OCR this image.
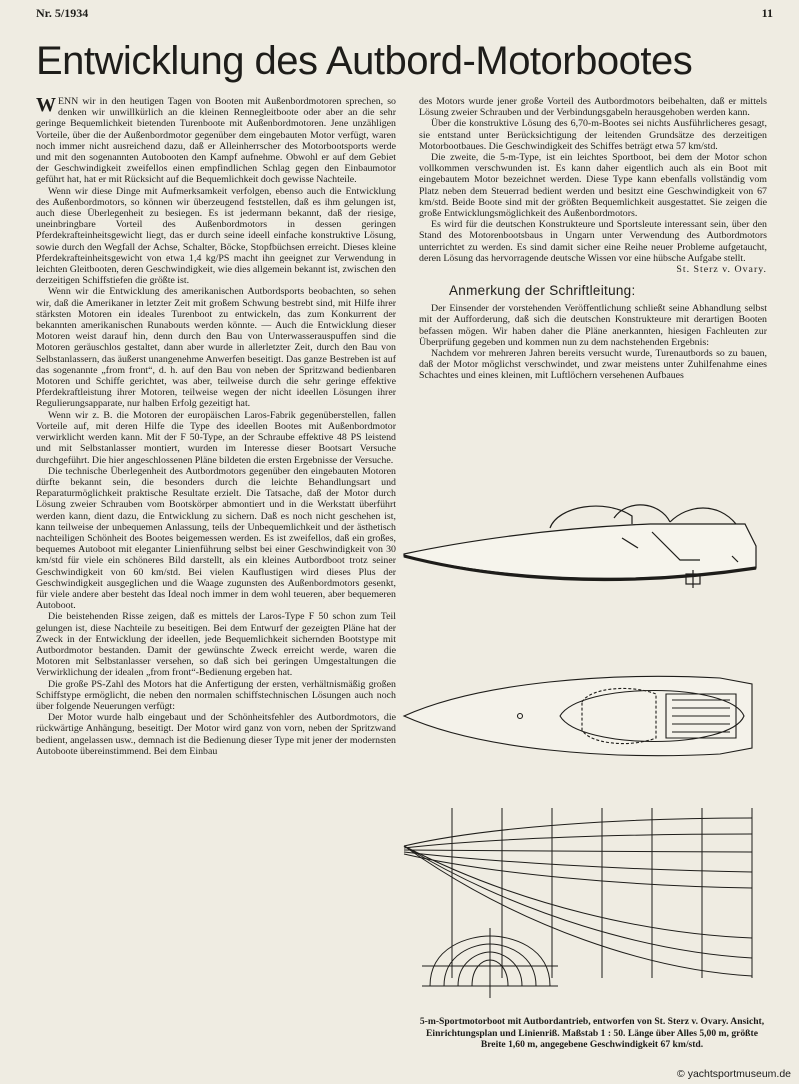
Nr. 5/1934	11
Entwicklung des Autbord-Motorbootes

WENN wir in den heutigen Tagen von Booten mit Außenbordmotoren sprechen, so denken wir unwillkürlich an die kleinen Rennegleitboote oder aber an die sehr geringe Bequemlichkeit bietenden Turenboote mit Außenbordmotoren. Jene unzähligen Vorteile, über die der Außenbordmotor gegenüber dem eingebauten Motor verfügt, waren noch immer nicht ausreichend dazu, daß er Alleinherrscher des Motorbootsports werde und mit den sogenannten Autobooten den Kampf aufnehme. Obwohl er auf dem Gebiet der Geschwindigkeit zweifellos einen empfindlichen Schlag gegen den Einbaumotor geführt hat, hat er mit Rücksicht auf die Bequemlichkeit doch gewisse Nachteile.

Wenn wir diese Dinge mit Aufmerksamkeit verfolgen, ebenso auch die Entwicklung des Außenbordmotors, so können wir überzeugend feststellen, daß es ihm gelungen ist, auch diese Überlegenheit zu besiegen. Es ist jedermann bekannt, daß der riesige, uneinbringbare Vorteil des Außenbordmotors in dessen geringen Pferdekrafteinheitsgewicht liegt, das er durch seine ideell einfache konstruktive Lösung, sowie durch den Wegfall der Achse, Schalter, Böcke, Stopfbüchsen erreicht. Dieses kleine Pferdekrafteinheitsgewicht von etwa 1,4 kg/PS macht ihn geeignet zur Verwendung in leichten Gleitbooten, deren Geschwindigkeit, wie dies allgemein bekannt ist, zwischen den derzeitigen Schiffstiefen die größte ist.

Wenn wir die Entwicklung des amerikanischen Autbordsports beobachten, so sehen wir, daß die Amerikaner in letzter Zeit mit großem Schwung bestrebt sind, mit Hilfe ihrer stärksten Motoren ein ideales Turenboot zu entwickeln, das zum Konkurrent der bekannten amerikanischen Runabouts werden könnte. — Auch die Entwicklung dieser Motoren weist darauf hin, denn durch den Bau von Unterwasserauspuffen sind die Motoren geräuschlos gestaltet, dann aber wurde in allerletzter Zeit, durch den Bau von Selbstanlassern, das äußerst unangenehme Anwerfen beseitigt. Das ganze Bestreben ist auf das sogenannte „from front“, d. h. auf den Bau von neben der Spritzwand bedienbaren Motoren und Schiffe gerichtet, was aber, teilweise durch die sehr geringe effektive Pferdekraftleistung ihrer Motoren, teilweise wegen der nicht ideellen Lösungen ihrer Regulierungsapparate, nur halben Erfolg gezeitigt hat.

Wenn wir z. B. die Motoren der europäischen Laros-Fabrik gegenüberstellen, fallen Vorteile auf, mit deren Hilfe die Type des ideellen Bootes mit Außenbordmotor verwirklicht werden kann. Mit der F 50-Type, an der Schraube effektive 48 PS leistend und mit Selbstanlasser montiert, wurden im Interesse dieser Bootsart Versuche durchgeführt. Die hier angeschlossenen Pläne bildeten die ersten Ergebnisse der Versuche.

Die technische Überlegenheit des Autbordmotors gegenüber den eingebauten Motoren dürfte bekannt sein, die besonders durch die leichte Behandlungsart und Reparaturmöglichkeit praktische Resultate erzielt. Die Tatsache, daß der Motor durch Lösung zweier Schrauben vom Bootskörper abmontiert und in die Werkstatt überführt werden kann, dient dazu, die Entwicklung zu sichern. Daß es noch nicht geschehen ist, kann teilweise der unbequemen Anlassung, teils der Unbequemlichkeit und der ästhetisch nachteiligen Schönheit des Bootes beigemessen werden. Es ist zweifellos, daß ein großes, bequemes Autoboot mit eleganter Linienführung selbst bei einer Geschwindigkeit von 30 km/std für viele ein schöneres Bild darstellt, als ein kleines Autbordboot trotz seiner Geschwindigkeit von 60 km/std. Bei vielen Kauflustigen wird dieses Plus der Geschwindigkeit ausgeglichen und die Waage zugunsten des Außenbordmotors gesenkt, für viele andere aber besteht das Ideal noch immer in dem wohl teueren, aber bequemeren Autoboot.

Die beistehenden Risse zeigen, daß es mittels der Laros-Type F 50 schon zum Teil gelungen ist, diese Nachteile zu beseitigen. Bei dem Entwurf der gezeigten Pläne hat der Zweck in der Entwicklung der ideellen, jede Bequemlichkeit sichernden Bootstype mit Autbordmotor bestanden. Damit der gewünschte Zweck erreicht werde, waren die Motoren mit Selbstanlasser versehen, so daß sich bei geringen Umgestaltungen die Verwirklichung der idealen „from front“-Bedienung ergeben hat.

Die große PS-Zahl des Motors hat die Anfertigung der ersten, verhältnismäßig großen Schiffstype ermöglicht, die neben den normalen schiffstechnischen Lösungen auch noch über folgende Neuerungen verfügt:

Der Motor wurde halb eingebaut und der Schönheitsfehler des Autbordmotors, die rückwärtige Anhängung, beseitigt. Der Motor wird ganz von vorn, neben der Spritzwand bedient, angelassen usw., demnach ist die Bedienung dieser Type mit jener der modernsten Autoboote übereinstimmend. Bei dem Einbau

des Motors wurde jener große Vorteil des Autbordmotors beibehalten, daß er mittels Lösung zweier Schrauben und der Verbindungsgabeln herausgehoben werden kann.

Über die konstruktive Lösung des 6,70-m-Bootes sei nichts Ausführlicheres gesagt, sie entstand unter Berücksichtigung der leitenden Grundsätze des derzeitigen Motorbootbaues. Die Geschwindigkeit des Schiffes beträgt etwa 57 km/std.

Die zweite, die 5-m-Type, ist ein leichtes Sportboot, bei dem der Motor schon vollkommen verschwunden ist. Es kann daher eigentlich auch als ein Boot mit eingebautem Motor bezeichnet werden. Diese Type kann ebenfalls vollständig vom Platz neben dem Steuerrad bedient werden und besitzt eine Geschwindigkeit von 67 km/std. Beide Boote sind mit der größten Bequemlichkeit ausgestattet. Sie zeigen die große Entwicklungsmöglichkeit des Außenbordmotors.

Es wird für die deutschen Konstrukteure und Sportsleute interessant sein, über den Stand des Motorenbootsbaus in Ungarn unter Verwendung des Autbordmotors unterrichtet zu werden. Es sind damit sicher eine Reihe neuer Probleme aufgetaucht, deren Lösung das hervorragende deutsche Wissen vor eine hübsche Aufgabe stellt.

St. Sterz v. Ovary.

Anmerkung der Schriftleitung:

Der Einsender der vorstehenden Veröffentlichung schließt seine Abhandlung selbst mit der Aufforderung, daß sich die deutschen Konstrukteure mit derartigen Booten befassen mögen. Wir haben daher die Pläne anerkannten, hiesigen Fachleuten zur Überprüfung gegeben und kommen nun zu dem nachstehenden Ergebnis:

Nachdem vor mehreren Jahren bereits versucht wurde, Turenautbords so zu bauen, daß der Motor möglichst verschwindet, und zwar meistens unter Zuhilfenahme eines Schachtes und eines kleinen, mit Luftlöchern versehenen Aufbaues

5-m-Sportmotorboot mit Autbordantrieb, entworfen von St. Sterz v. Ovary. Ansicht, Einrichtungsplan und Linienriß. Maßstab 1 : 50. Länge über Alles 5,00 m, größte Breite 1,60 m, angegebene Geschwindigkeit 67 km/std.
© yachtsportmuseum.de
